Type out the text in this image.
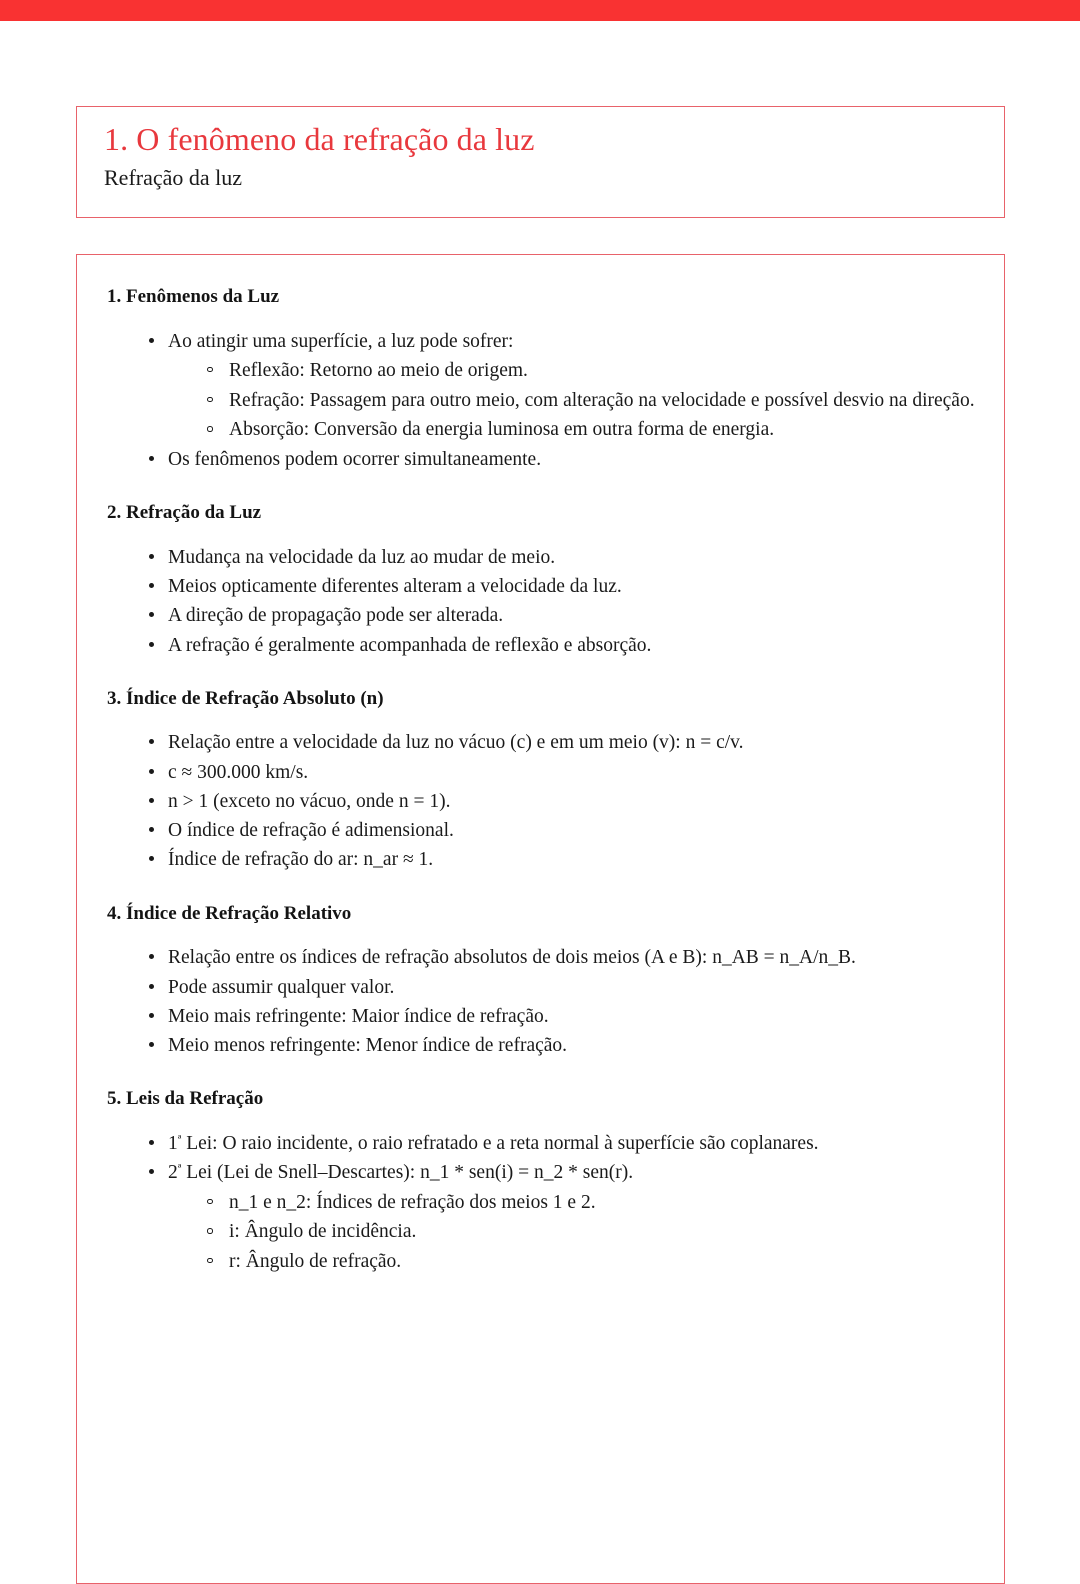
1. O fenômeno da refração da luz
Refração da luz
1. Fenômenos da Luz
Ao atingir uma superfície, a luz pode sofrer:
Reflexão: Retorno ao meio de origem.
Refração: Passagem para outro meio, com alteração na velocidade e possível desvio na direção.
Absorção: Conversão da energia luminosa em outra forma de energia.
Os fenômenos podem ocorrer simultaneamente.
2. Refração da Luz
Mudança na velocidade da luz ao mudar de meio.
Meios opticamente diferentes alteram a velocidade da luz.
A direção de propagação pode ser alterada.
A refração é geralmente acompanhada de reflexão e absorção.
3. Índice de Refração Absoluto (n)
Relação entre a velocidade da luz no vácuo (c) e em um meio (v): n = c/v.
c ≈ 300.000 km/s.
n > 1 (exceto no vácuo, onde n = 1).
O índice de refração é adimensional.
Índice de refração do ar: n_ar ≈ 1.
4. Índice de Refração Relativo
Relação entre os índices de refração absolutos de dois meios (A e B): n_AB = n_A/n_B.
Pode assumir qualquer valor.
Meio mais refringente: Maior índice de refração.
Meio menos refringente: Menor índice de refração.
5. Leis da Refração
$1^ª$ Lei: O raio incidente, o raio refratado e a reta normal à superfície são coplanares.
$2^ª$ Lei (Lei de Snell–Descartes): n_1 * sen(i) = n_2 * sen(r).
n_1 e n_2: Índices de refração dos meios 1 e 2.
i: Ângulo de incidência.
r: Ângulo de refração.
